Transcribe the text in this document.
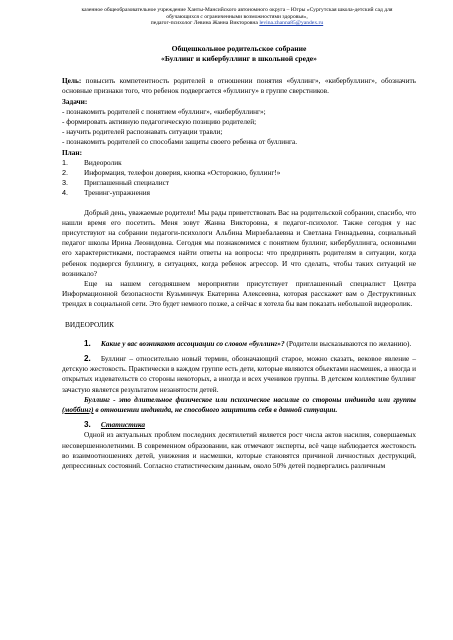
казенное общеобразовательное учреждение Ханты-Мансийского автономного округа – Югры «Сургутская школа-детский сад для
обучающихся с ограниченными возможностями здоровья»,
педагог-психолог Левина Жанна Викторовна levina.zhanna85@yandex.ru
Общешкольное родительское собрание
«Буллинг и кибербуллинг в школьной среде»

Цель: повысить компетентность родителей в отношении понятия «буллинг», «кибербуллинг», обозначить основные признаки того, что ребенок подвергается «буллингу» в группе сверстников.

Задачи:
- познакомить родителей с понятием «буллинг», «кибербуллинг»;
- формировать активную педагогическую позицию родителей;
- научить родителей распознавать ситуации травли;
- познакомить родителей со способами защиты своего ребенка от буллинга.
План:
1.	Видеоролик
2.	Информация, телефон доверия, кнопка «Осторожно, буллинг!»
3.	Приглашенный специалист
4.	Тренинг-упражнения

Добрый день, уважаемые родители! Мы рады приветствовать Вас на родительской собрании, спасибо, что нашли время его посетить. Меня зовут Жанна Викторовна, я педагог-психолог. Также сегодня у нас присутствуют на собрании педагоги-психологи Альбина Мирзебалаевна и Светлана Геннадьевна, социальный педагог школы Ирина Леонидовна. Сегодня мы познакомимся с понятием буллинг, кибербуллинга, основными его характеристиками, постараемся найти ответы на вопросы: что предпринять родителям в ситуации, когда ребенок подвергся буллингу, в ситуациях, когда ребенок агрессор. И что сделать, чтобы таких ситуаций не возникало?

Еще на нашем сегодняшнем мероприятии присутствует приглашенный специалист Центра Информационной безопасности Кузьминчук Екатерина Алексеевна, которая расскажет вам о Деструктивных трендах в социальной сети. Это будет немного позже, а сейчас я хотела бы вам показать небольшой видеоролик.

ВИДЕОРОЛИК

1. Какие у вас возникают ассоциации со словом «буллинг»? (Родители высказываются по желанию).

2. Буллинг – относительно новый термин, обозначающий старое, можно сказать, вековое явление – детскую жестокость. Практически в каждом группе есть дети, которые являются объектами насмешек, а иногда и открытых издевательств со стороны некоторых, а иногда и всех учеников группы. В детском коллективе буллинг зачастую является результатом незанятости детей.

Буллинг - это длительное физическое или психическое насилие со стороны индивида или группы (моббинг) в отношении индивида, не способного защитить себя в данной ситуации.

3. Статистика

Одной из актуальных проблем последних десятилетий является рост числа актов насилия, совершаемых несовершеннолетними. В современном образовании, как отмечают эксперты, всё чаще наблюдается жестокость во взаимоотношениях детей, унижения и насмешки, которые становятся причиной личностных деструкций, депрессивных состояний. Согласно статистическим данным, около 50% детей подвергались различным
